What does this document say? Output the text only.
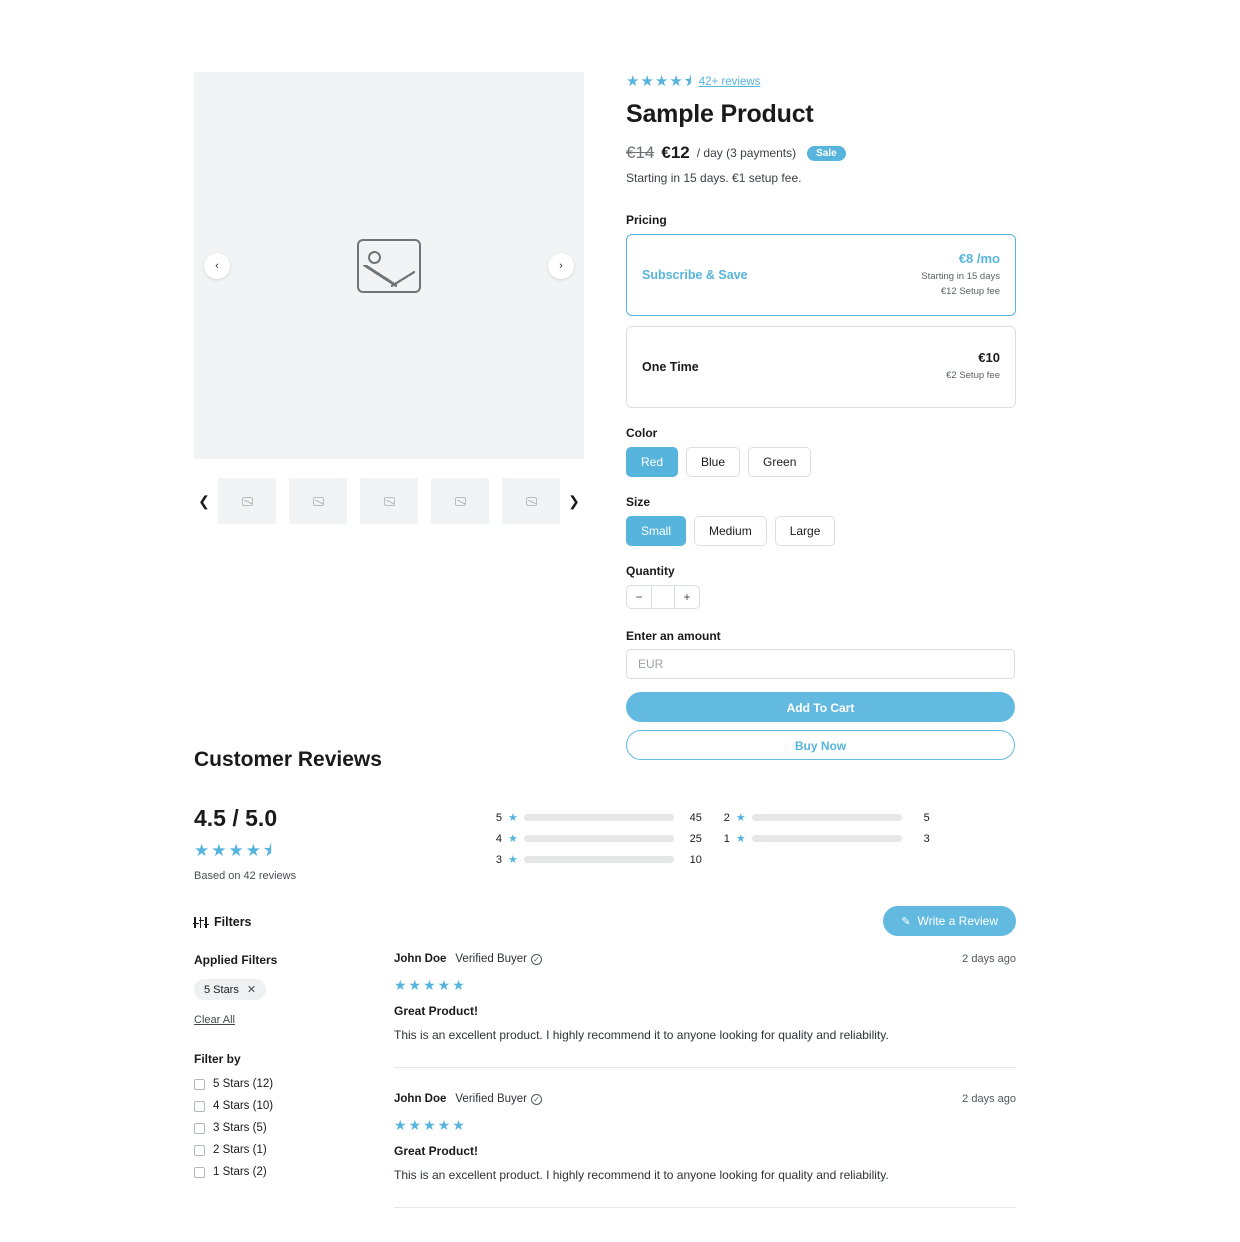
‹	›
❮	❯
★★★★⯨ 42+ reviews
Sample Product
€14 €12 / day (3 payments)	Sale
Starting in 15 days. €1 setup fee.
Pricing
Subscribe & Save
€8 /mo
Starting in 15 days
€12 Setup fee
One Time
€10
€2 Setup fee
Color
Red	Blue	Green
Size
Small	Medium	Large
Quantity
−	+
Enter an amount
EUR
Add To Cart
Buy Now
Customer Reviews
4.5 / 5.0
★★★★⯨
Based on 42 reviews
5 ★	45
4 ★	25
3 ★	10
2 ★	5
1 ★	3
Filters
Applied Filters
5 Stars ✕
Clear All
Filter by
5 Stars (12)
4 Stars (10)
3 Stars (5)
2 Stars (1)
1 Stars (2)
✎ Write a Review
John Doe Verified Buyer ✓	2 days ago
★★★★★
Great Product!
This is an excellent product. I highly recommend it to anyone looking for quality and reliability.
John Doe Verified Buyer ✓	2 days ago
★★★★★
Great Product!
This is an excellent product. I highly recommend it to anyone looking for quality and reliability.
